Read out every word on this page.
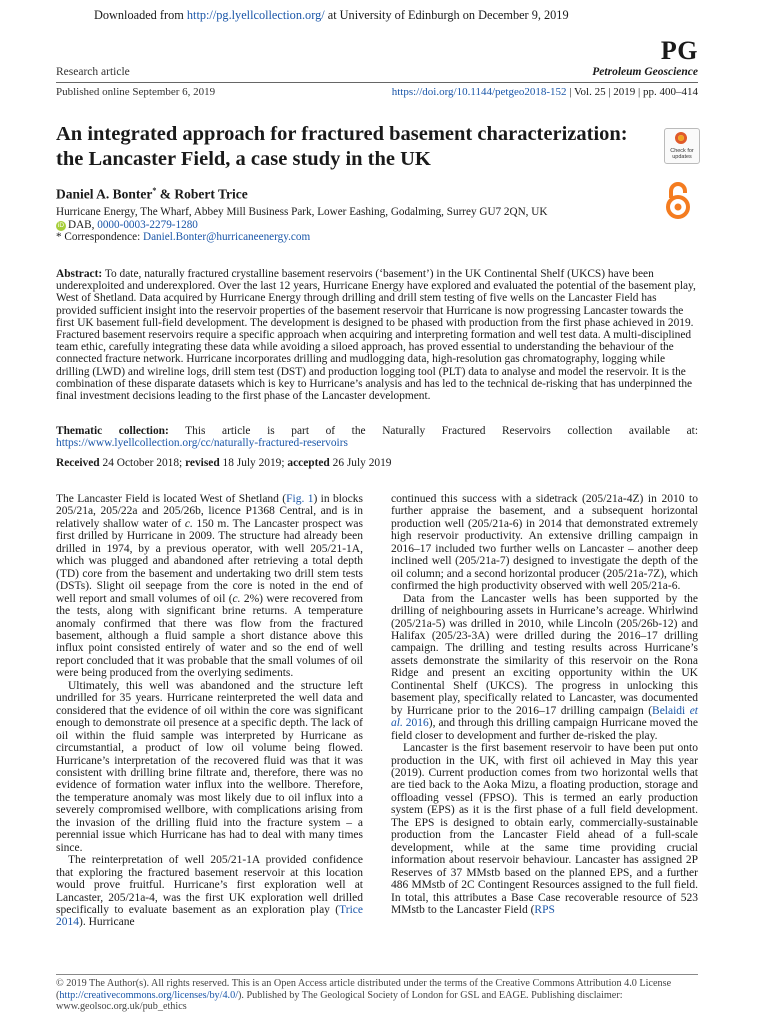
Downloaded from http://pg.lyellcollection.org/ at University of Edinburgh on December 9, 2019
PG
Research article	Petroleum Geoscience
Published online September 6, 2019	https://doi.org/10.1144/petgeo2018-152 | Vol. 25 | 2019 | pp. 400–414
An integrated approach for fractured basement characterization: the Lancaster Field, a case study in the UK	Check for updates
Daniel A. Bonter* & Robert Trice
Hurricane Energy, The Wharf, Abbey Mill Business Park, Lower Eashing, Godalming, Surrey GU7 2QN, UK
iD DAB, 0000-0003-2279-1280
* Correspondence: Daniel.Bonter@hurricaneenergy.com

Abstract: To date, naturally fractured crystalline basement reservoirs (‘basement’) in the UK Continental Shelf (UKCS) have been underexploited and underexplored. Over the last 12 years, Hurricane Energy have explored and evaluated the potential of the basement play, West of Shetland. Data acquired by Hurricane Energy through drilling and drill stem testing of five wells on the Lancaster Field has provided sufficient insight into the reservoir properties of the basement reservoir that Hurricane is now progressing Lancaster towards the first UK basement full-field development. The development is designed to be phased with production from the first phase achieved in 2019. Fractured basement reservoirs require a specific approach when acquiring and interpreting formation and well test data. A multi-disciplined team ethic, carefully integrating these data while avoiding a siloed approach, has proved essential to understanding the behaviour of the connected fracture network. Hurricane incorporates drilling and mudlogging data, high-resolution gas chromatography, logging while drilling (LWD) and wireline logs, drill stem test (DST) and production logging tool (PLT) data to analyse and model the reservoir. It is the combination of these disparate datasets which is key to Hurricane’s analysis and has led to the technical de-risking that has underpinned the final investment decisions leading to the first phase of the Lancaster development.

Thematic collection: This article is part of the Naturally Fractured Reservoirs collection available at: https://www.lyellcollection.org/cc/naturally-fractured-reservoirs

Received 24 October 2018; revised 18 July 2019; accepted 26 July 2019

The Lancaster Field is located West of Shetland (Fig. 1) in blocks 205/21a, 205/22a and 205/26b, licence P1368 Central, and is in relatively shallow water of c. 150 m. The Lancaster prospect was first drilled by Hurricane in 2009. The structure had already been drilled in 1974, by a previous operator, with well 205/21-1A, which was plugged and abandoned after retrieving a total depth (TD) core from the basement and undertaking two drill stem tests (DSTs). Slight oil seepage from the core is noted in the end of well report and small volumes of oil (c. 2%) were recovered from the tests, along with significant brine returns. A temperature anomaly confirmed that there was flow from the fractured basement, although a fluid sample a short distance above this influx point consisted entirely of water and so the end of well report concluded that it was probable that the small volumes of oil were being produced from the overlying sediments.

Ultimately, this well was abandoned and the structure left undrilled for 35 years. Hurricane reinterpreted the well data and considered that the evidence of oil within the core was significant enough to demonstrate oil presence at a specific depth. The lack of oil within the fluid sample was interpreted by Hurricane as circumstantial, a product of low oil volume being flowed. Hurricane’s interpretation of the recovered fluid was that it was consistent with drilling brine filtrate and, therefore, there was no evidence of formation water influx into the wellbore. Therefore, the temperature anomaly was most likely due to oil influx into a severely compromised wellbore, with complications arising from the invasion of the drilling fluid into the fracture system – a perennial issue which Hurricane has had to deal with many times since.

The reinterpretation of well 205/21-1A provided confidence that exploring the fractured basement reservoir at this location would prove fruitful. Hurricane’s first exploration well at Lancaster, 205/21a-4, was the first UK exploration well drilled specifically to evaluate basement as an exploration play (Trice 2014). Hurricane

continued this success with a sidetrack (205/21a-4Z) in 2010 to further appraise the basement, and a subsequent horizontal production well (205/21a-6) in 2014 that demonstrated extremely high reservoir productivity. An extensive drilling campaign in 2016–17 included two further wells on Lancaster – another deep inclined well (205/21a-7) designed to investigate the depth of the oil column; and a second horizontal producer (205/21a-7Z), which confirmed the high productivity observed with well 205/21a-6.

Data from the Lancaster wells has been supported by the drilling of neighbouring assets in Hurricane’s acreage. Whirlwind (205/21a-5) was drilled in 2010, while Lincoln (205/26b-12) and Halifax (205/23-3A) were drilled during the 2016–17 drilling campaign. The drilling and testing results across Hurricane’s assets demonstrate the similarity of this reservoir on the Rona Ridge and present an exciting opportunity within the UK Continental Shelf (UKCS). The progress in unlocking this basement play, specifically related to Lancaster, was documented by Hurricane prior to the 2016–17 drilling campaign (Belaidi et al. 2016), and through this drilling campaign Hurricane moved the field closer to development and further de-risked the play.

Lancaster is the first basement reservoir to have been put onto production in the UK, with first oil achieved in May this year (2019). Current production comes from two horizontal wells that are tied back to the Aoka Mizu, a floating production, storage and offloading vessel (FPSO). This is termed an early production system (EPS) as it is the first phase of a full field development. The EPS is designed to obtain early, commercially-sustainable production from the Lancaster Field ahead of a full-scale development, while at the same time providing crucial information about reservoir behaviour. Lancaster has assigned 2P Reserves of 37 MMstb based on the planned EPS, and a further 486 MMstb of 2C Contingent Resources assigned to the full field. In total, this attributes a Base Case recoverable resource of 523 MMstb to the Lancaster Field (RPS

© 2019 The Author(s). All rights reserved. This is an Open Access article distributed under the terms of the Creative Commons Attribution 4.0 License (http://creativecommons.org/licenses/by/4.0/). Published by The Geological Society of London for GSL and EAGE. Publishing disclaimer: www.geolsoc.org.uk/pub_ethics
